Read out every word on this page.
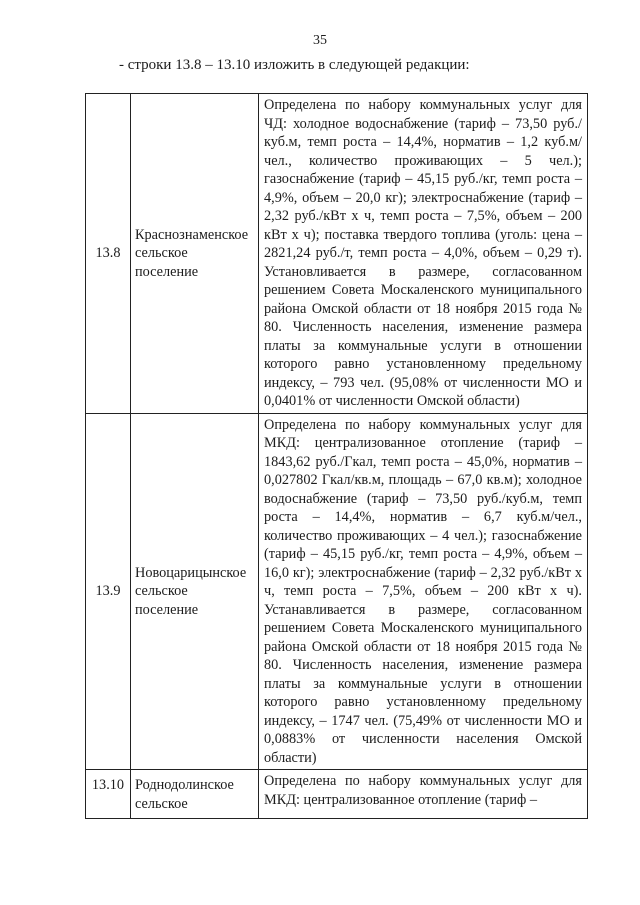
35
- строки 13.8 – 13.10 изложить в следующей редакции:
13.8	Краснознаменское сельское поселение	Определена по набору коммунальных услуг для ЧД: холодное водоснабжение (тариф – 73,50 руб./куб.м, темп роста – 14,4%, норматив – 1,2 куб.м/чел., количество проживающих – 5 чел.); газоснабжение (тариф – 45,15 руб./кг, темп роста – 4,9%, объем – 20,0 кг); электроснабжение (тариф – 2,32 руб./кВт х ч, темп роста – 7,5%, объем – 200 кВт х ч); поставка твердого топлива (уголь: цена – 2821,24 руб./т, темп роста – 4,0%, объем – 0,29 т). Установливается в размере, согласованном решением Совета Москаленского муниципального района Омской области от 18 ноября 2015 года № 80. Численность населения, изменение размера платы за коммунальные услуги в отношении которого равно установленному предельному индексу, – 793 чел. (95,08% от численности МО и 0,0401% от численности Омской области)

13.9	Новоцарицынское сельское поселение	Определена по набору коммунальных услуг для МКД: централизованное отопление (тариф – 1843,62 руб./Гкал, темп роста – 45,0%, норматив – 0,027802 Гкал/кв.м, площадь – 67,0 кв.м); холодное водоснабжение (тариф – 73,50 руб./куб.м, темп роста – 14,4%, норматив – 6,7 куб.м/чел., количество проживающих – 4 чел.); газоснабжение (тариф – 45,15 руб./кг, темп роста – 4,9%, объем – 16,0 кг); электроснабжение (тариф – 2,32 руб./кВт х ч, темп роста – 7,5%, объем – 200 кВт х ч). Устанавливается в размере, согласованном решением Совета Москаленского муниципального района Омской области от 18 ноября 2015 года № 80. Численность населения, изменение размера платы за коммунальные услуги в отношении которого равно установленному предельному индексу, – 1747 чел. (75,49% от численности МО и 0,0883% от численности населения Омской области)

13.10	Роднодолинское сельское	Определена по набору коммунальных услуг для МКД: централизованное отопление (тариф –
